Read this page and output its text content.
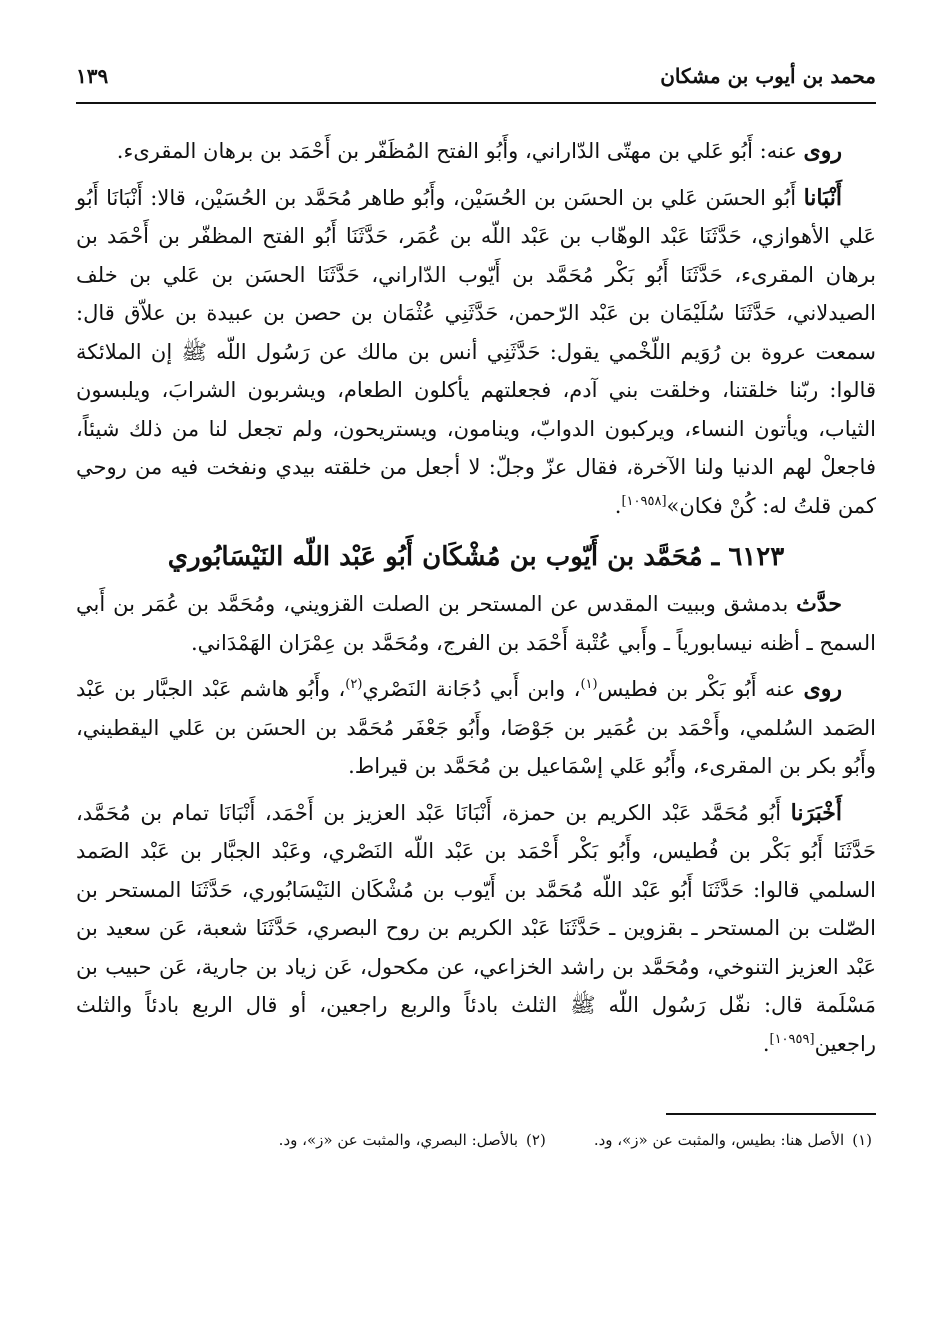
محمد بن أيوب بن مشكان
١٣٩

روى عنه: أَبُو عَلي بن مهتّى الدّاراني، وأَبُو الفتح المُظَفّر بن أَحْمَد بن برهان المقرىء.

أَنْبَانا أَبُو الحسَن عَلي بن الحسَن بن الحُسَيْن، وأَبُو طاهر مُحَمَّد بن الحُسَيْن، قالا: أَنْبَانَا أَبُو عَلي الأهوازي، حَدَّثَنَا عَبْد الوهّاب بن عَبْد اللّه بن عُمَر، حَدَّثَنَا أَبُو الفتح المظفّر بن أَحْمَد بن برهان المقرىء، حَدَّثَنَا أَبُو بَكْر مُحَمَّد بن أَيّوب الدّاراني، حَدَّثَنَا الحسَن بن عَلي بن خلف الصيدلاني، حَدَّثَنَا سُلَيْمَان بن عَبْد الرّحمن، حَدَّثَنِي عُثْمَان بن حصن بن عبيدة بن علاّق قال: سمعت عروة بن رُوَيم اللّخْمي يقول: حَدَّثَنِي أنس بن مالك عن رَسُول اللّه ﷺ إن الملائكة قالوا: ربّنا خلقتنا، وخلقت بني آدم، فجعلتهم يأكلون الطعام، ويشربون الشرابَ، ويلبسون الثياب، ويأتون النساء، ويركبون الدوابّ، وينامون، ويستريحون، ولم تجعل لنا من ذلك شيئاً، فاجعلْ لهم الدنيا ولنا الآخرة، فقال عزّ وجلّ: لا أجعل من خلقته بيدي ونفخت فيه من روحي كمن قلتُ له: كُنْ فكان»[١٠٩٥٨].

٦١٢٣ ـ مُحَمَّد بن أَيّوب بن مُشْكَان أَبُو عَبْد اللّه النَيْسَابُوري

حدَّث بدمشق وببيت المقدس عن المستحر بن الصلت القزويني، ومُحَمَّد بن عُمَر بن أَبي السمح ـ أظنه نيسابورياً ـ وأَبي عُتْبة أَحْمَد بن الفرج، ومُحَمَّد بن عِمْرَان الهَمْدَاني.

روى عنه أَبُو بَكْر بن فطيس$^{(١)}$، وابن أَبي دُجَانة النَصْري$^{(٢)}$، وأَبُو هاشم عَبْد الجبَّار بن عَبْد الصَمد السُلمي، وأَحْمَد بن عُمَير بن جَوْصَا، وأَبُو جَعْفَر مُحَمَّد بن الحسَن بن عَلي اليقطيني، وأَبُو بكر بن المقرىء، وأَبُو عَلي إسْمَاعيل بن مُحَمَّد بن قيراط.

أَخْبَرَنا أَبُو مُحَمَّد عَبْد الكريم بن حمزة، أَنْبَانَا عَبْد العزيز بن أَحْمَد، أَنْبَانَا تمام بن مُحَمَّد، حَدَّثَنَا أَبُو بَكْر بن فُطيس، وأَبُو بَكْر أَحْمَد بن عَبْد اللّه النَصْري، وعَبْد الجبَّار بن عَبْد الصَمد السلمي قالوا: حَدَّثَنَا أَبُو عَبْد اللّه مُحَمَّد بن أَيّوب بن مُشْكَان النَيْسَابُوري، حَدَّثَنَا المستحر بن الصّلت بن المستحر ـ بقزوين ـ حَدَّثَنَا عَبْد الكريم بن روح البصري، حَدَّثَنَا شعبة، عَن سعيد بن عَبْد العزيز التنوخي، ومُحَمَّد بن راشد الخزاعي، عن مكحول، عَن زياد بن جارية، عَن حبيب بن مَسْلَمة قال: نفّل رَسُول اللّه ﷺ الثلث بادئاً والربع راجعين، أو قال الربع بادئاً والثلث راجعين[١٠٩٥٩].

(١)الأصل هنا: بطيس، والمثبت عن «ز»، ود.
(٢)بالأصل: البصري، والمثبت عن «ز»، ود.
